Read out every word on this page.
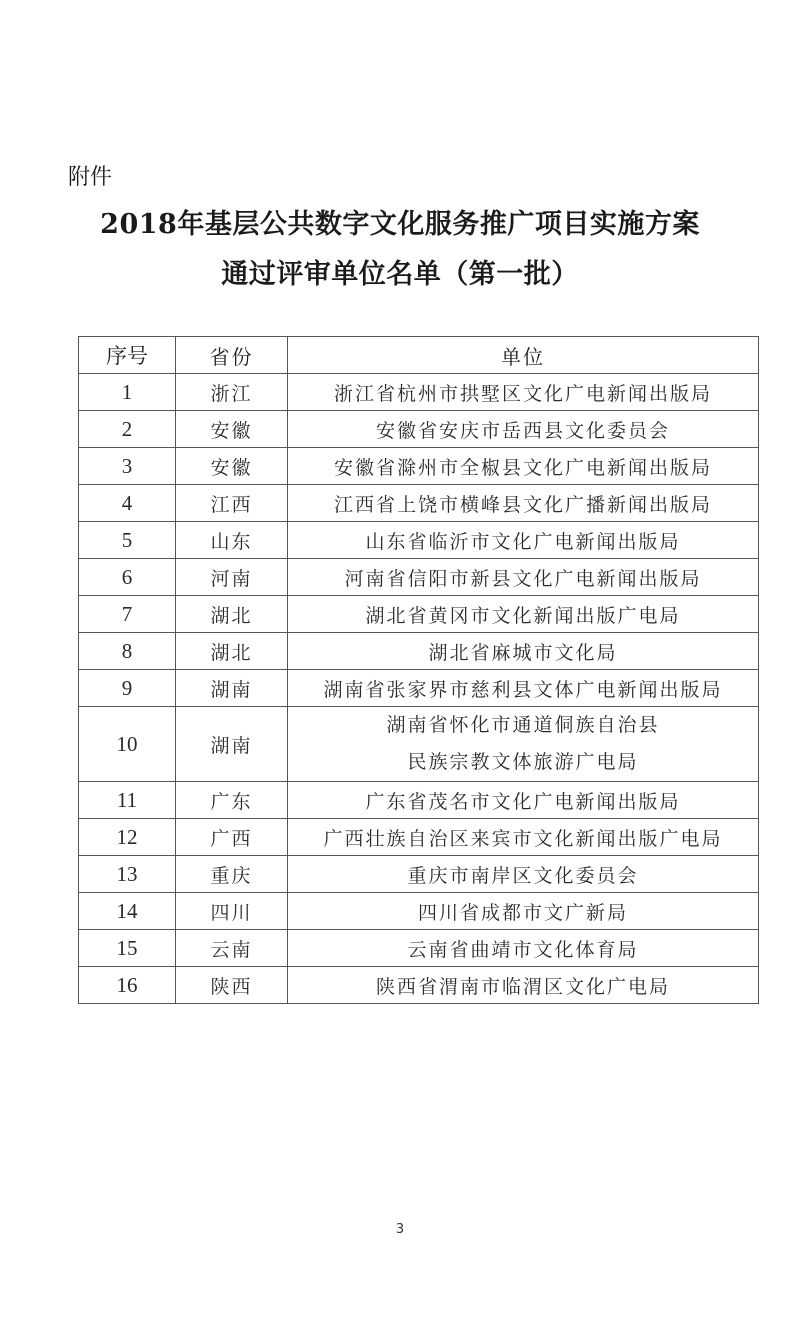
附件
2018年基层公共数字文化服务推广项目实施方案
通过评审单位名单（第一批）
序号	省份	单位
1	浙江	浙江省杭州市拱墅区文化广电新闻出版局
2	安徽	安徽省安庆市岳西县文化委员会
3	安徽	安徽省滁州市全椒县文化广电新闻出版局
4	江西	江西省上饶市横峰县文化广播新闻出版局
5	山东	山东省临沂市文化广电新闻出版局
6	河南	河南省信阳市新县文化广电新闻出版局
7	湖北	湖北省黄冈市文化新闻出版广电局
8	湖北	湖北省麻城市文化局
9	湖南	湖南省张家界市慈利县文体广电新闻出版局
10	湖南	湖南省怀化市通道侗族自治县
民族宗教文体旅游广电局

11	广东	广东省茂名市文化广电新闻出版局
12	广西	广西壮族自治区来宾市文化新闻出版广电局
13	重庆	重庆市南岸区文化委员会
14	四川	四川省成都市文广新局
15	云南	云南省曲靖市文化体育局
16	陕西	陕西省渭南市临渭区文化广电局
3
